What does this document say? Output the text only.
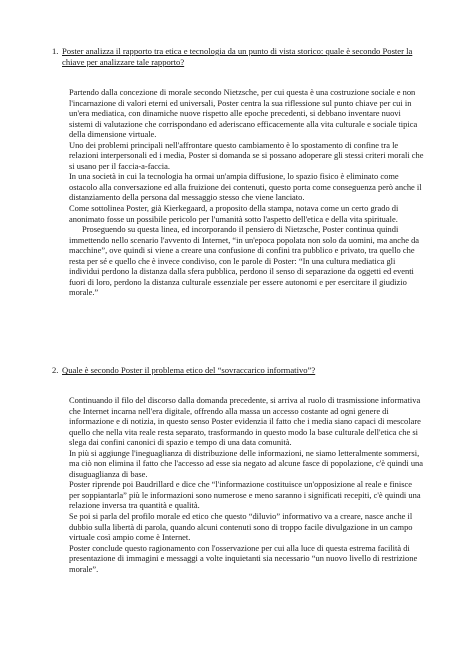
1. Poster analizza il rapporto tra etica e tecnologia da un punto di vista storico: quale è secondo Poster la chiave per analizzare tale rapporto?

Partendo dalla concezione di morale secondo Nietzsche, per cui questa è una costruzione sociale e non l'incarnazione di valori eterni ed universali, Poster centra la sua riflessione sul punto chiave per cui in un'era mediatica, con dinamiche nuove rispetto alle epoche precedenti, si debbano inventare nuovi sistemi di valutazione che corrispondano ed aderiscano efficacemente alla vita culturale e sociale tipica della dimensione virtuale.

Uno dei problemi principali nell'affrontare questo cambiamento è lo spostamento di confine tra le relazioni interpersonali ed i media, Poster si domanda se si possano adoperare gli stessi criteri morali che si usano per il faccia-a-faccia.

In una società in cui la tecnologia ha ormai un'ampia diffusione, lo spazio fisico è eliminato come ostacolo alla conversazione ed alla fruizione dei contenuti, questo porta come conseguenza però anche il distanziamento della persona dal messaggio stesso che viene lanciato.

Come sottolinea Poster, già Kierkegaard, a proposito della stampa, notava come un certo grado di anonimato fosse un possibile pericolo per l'umanità sotto l'aspetto dell'etica e della vita spirituale.

Proseguendo su questa linea, ed incorporando il pensiero di Nietzsche, Poster continua quindi immettendo nello scenario l'avvento di Internet, “in un'epoca popolata non solo da uomini, ma anche da macchine”, ove quindi si viene a creare una confusione di confini tra pubblico e privato, tra quello che resta per sé e quello che è invece condiviso, con le parole di Poster: “In una cultura mediatica gli individui perdono la distanza dalla sfera pubblica, perdono il senso di separazione da oggetti ed eventi fuori di loro, perdono la distanza culturale essenziale per essere autonomi e per esercitare il giudizio morale.”

2. Quale è secondo Poster il problema etico del “sovraccarico informativo”?

Continuando il filo del discorso dalla domanda precedente, si arriva al ruolo di trasmissione informativa che Internet incarna nell'era digitale, offrendo alla massa un accesso costante ad ogni genere di informazione e di notizia, in questo senso Poster evidenzia il fatto che i media siano capaci di mescolare quello che nella vita reale resta separato, trasformando in questo modo la base culturale dell'etica che si slega dai confini canonici di spazio e tempo di una data comunità.

In più si aggiunge l'ineguaglianza di distribuzione delle informazioni, ne siamo letteralmente sommersi, ma ciò non elimina il fatto che l'accesso ad esse sia negato ad alcune fasce di popolazione, c'è quindi una disuguaglianza di base.

Poster riprende poi Baudrillard e dice che “l'informazione costituisce un'opposizione al reale e finisce per soppiantarla” più le informazioni sono numerose e meno saranno i significati recepiti, c'è quindi una relazione inversa tra quantità e qualità.

Se poi si parla del profilo morale ed etico che questo “diluvio” informativo va a creare, nasce anche il dubbio sulla libertà di parola, quando alcuni contenuti sono di troppo facile divulgazione in un campo virtuale così ampio come è Internet.

Poster conclude questo ragionamento con l'osservazione per cui alla luce di questa estrema facilità di presentazione di immagini e messaggi a volte inquietanti sia necessario “un nuovo livello di restrizione morale”.
